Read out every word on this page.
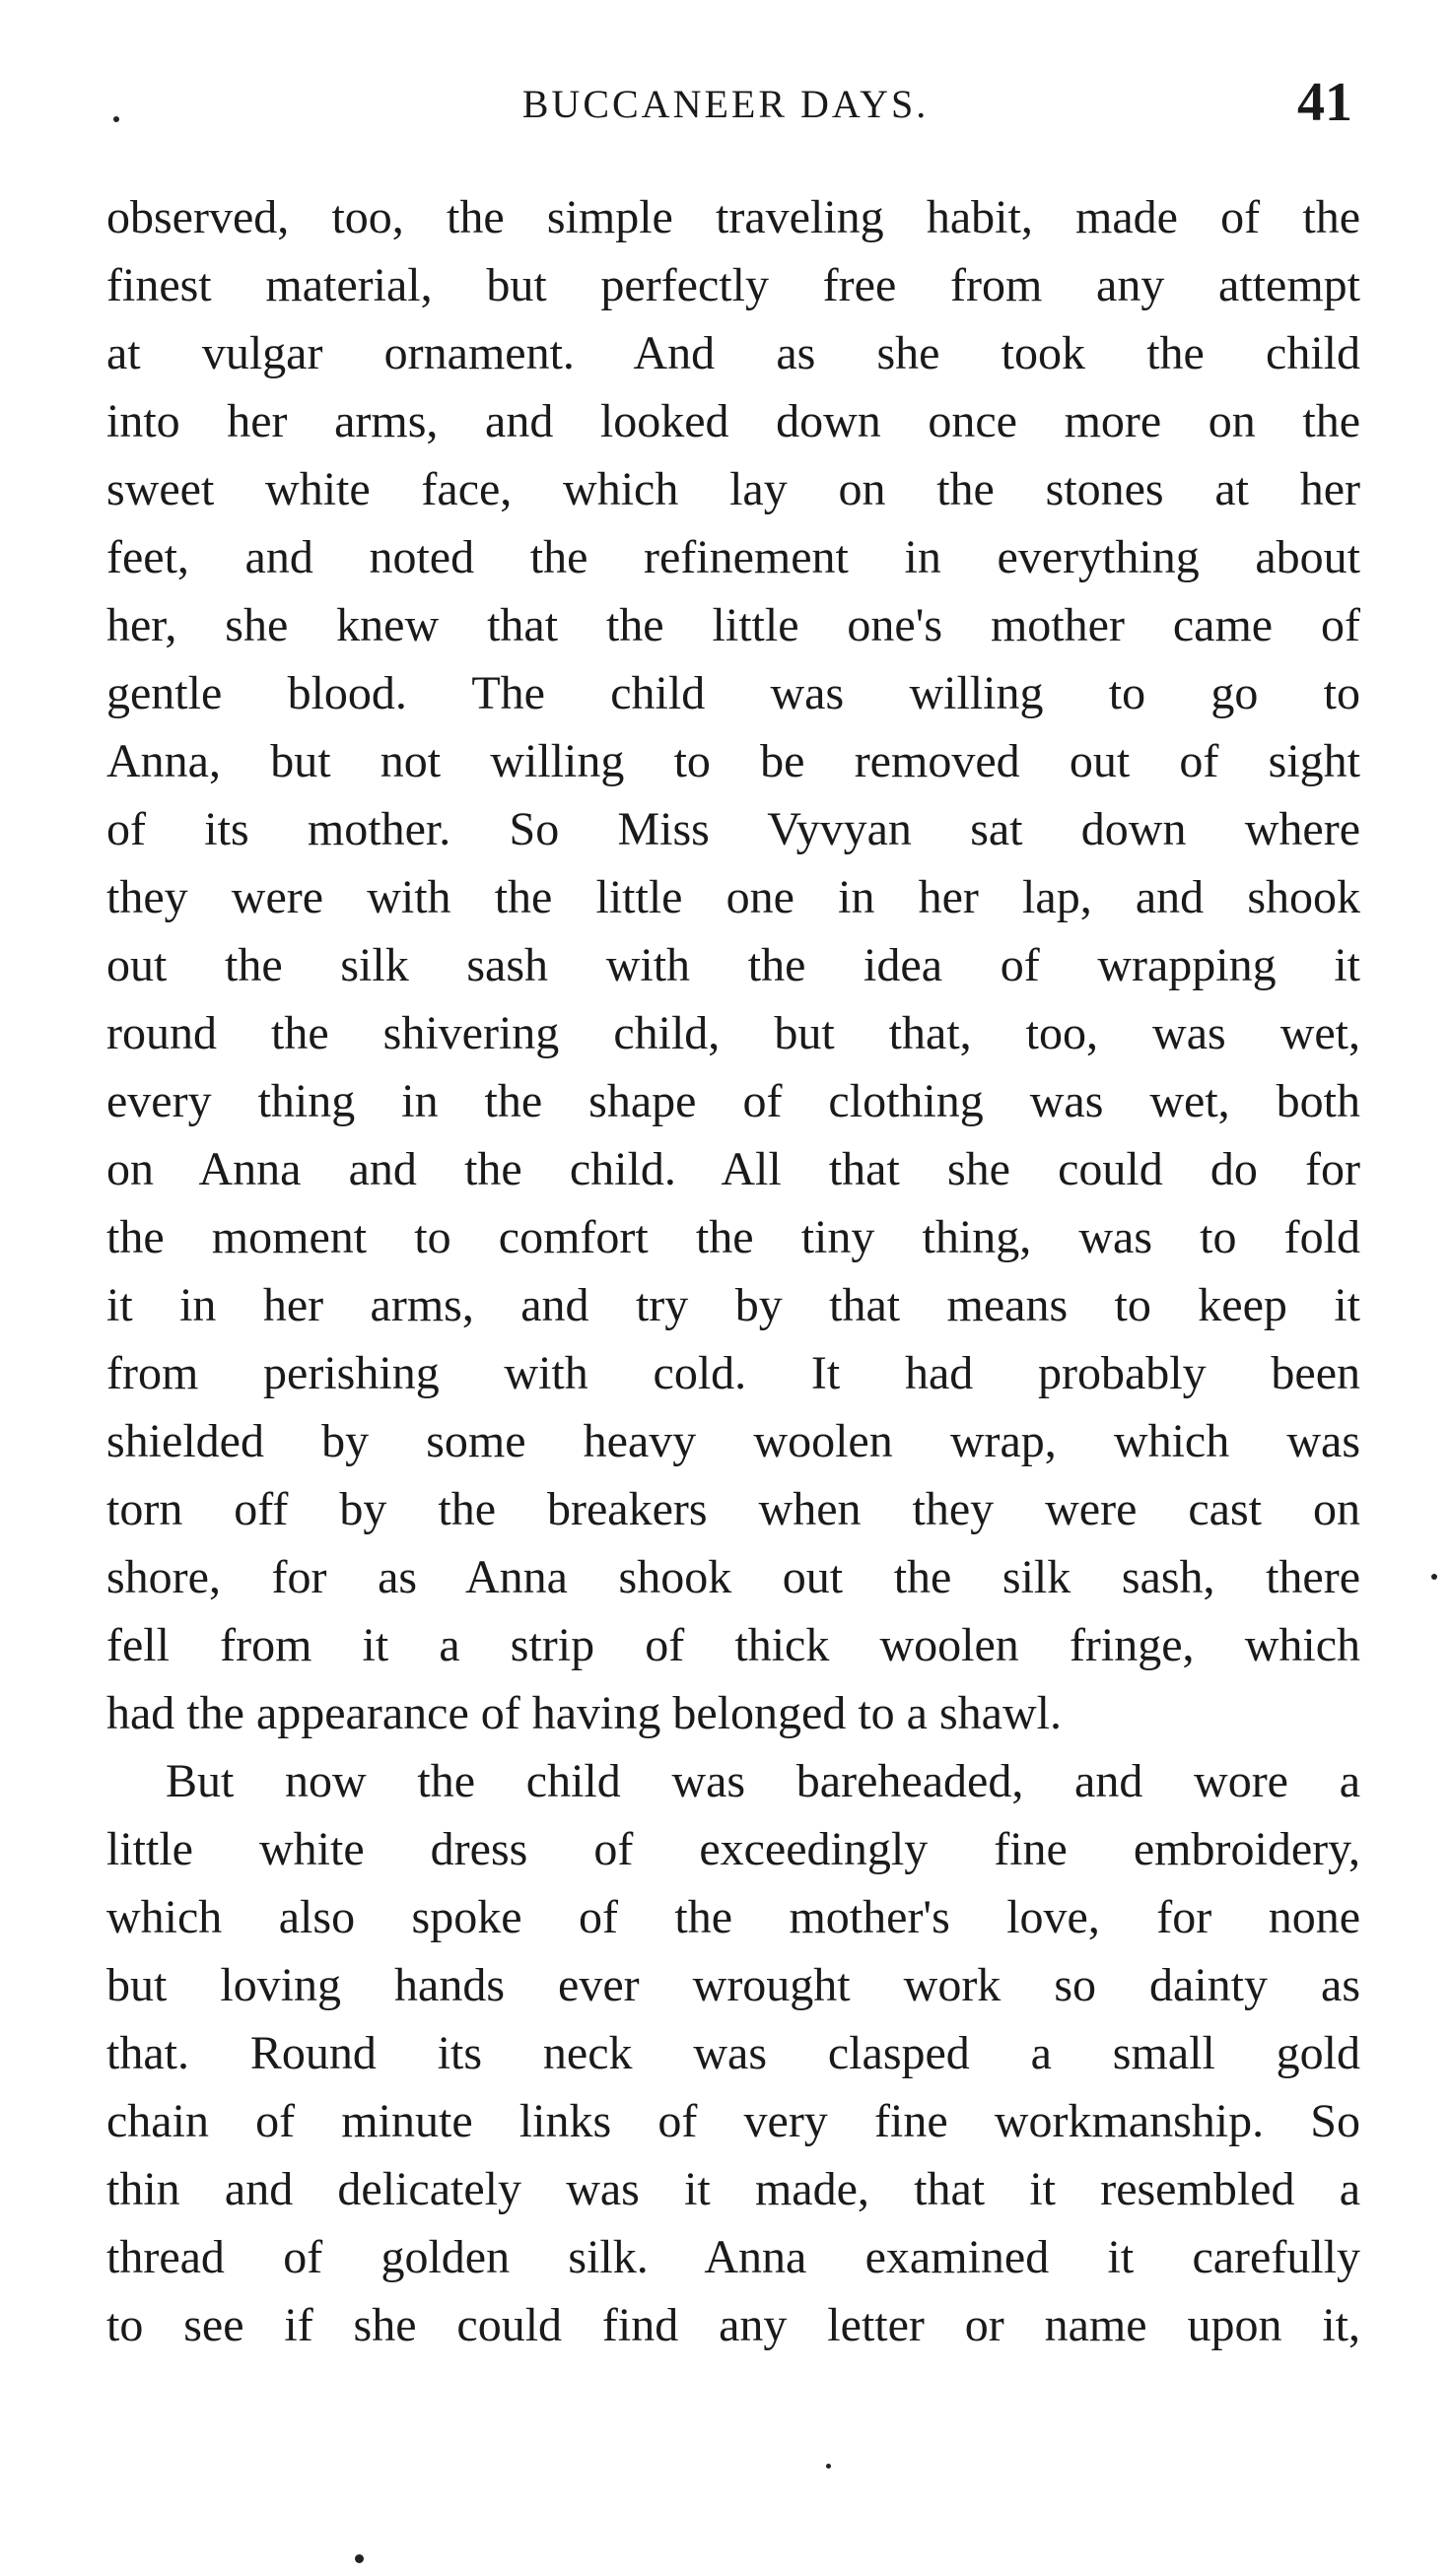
BUCCANEER DAYS.	41
observed, too, the simple traveling habit, made of the
finest material, but perfectly free from any attempt
at vulgar ornament. And as she took the child
into her arms, and looked down once more on the
sweet white face, which lay on the stones at her
feet, and noted the refinement in everything about
her, she knew that the little one's mother came of
gentle blood. The child was willing to go to
Anna, but not willing to be removed out of sight
of its mother. So Miss Vyvyan sat down where
they were with the little one in her lap, and shook
out the silk sash with the idea of wrapping it
round the shivering child, but that, too, was wet,
every thing in the shape of clothing was wet, both
on Anna and the child. All that she could do for
the moment to comfort the tiny thing, was to fold
it in her arms, and try by that means to keep it
from perishing with cold. It had probably been
shielded by some heavy woolen wrap, which was
torn off by the breakers when they were cast on
shore, for as Anna shook out the silk sash, there
fell from it a strip of thick woolen fringe, which
had the appearance of having belonged to a shawl.
But now the child was bareheaded, and wore a
little white dress of exceedingly fine embroidery,
which also spoke of the mother's love, for none
but loving hands ever wrought work so dainty as
that. Round its neck was clasped a small gold
chain of minute links of very fine workmanship. So
thin and delicately was it made, that it resembled a
thread of golden silk. Anna examined it carefully
to see if she could find any letter or name upon it,
